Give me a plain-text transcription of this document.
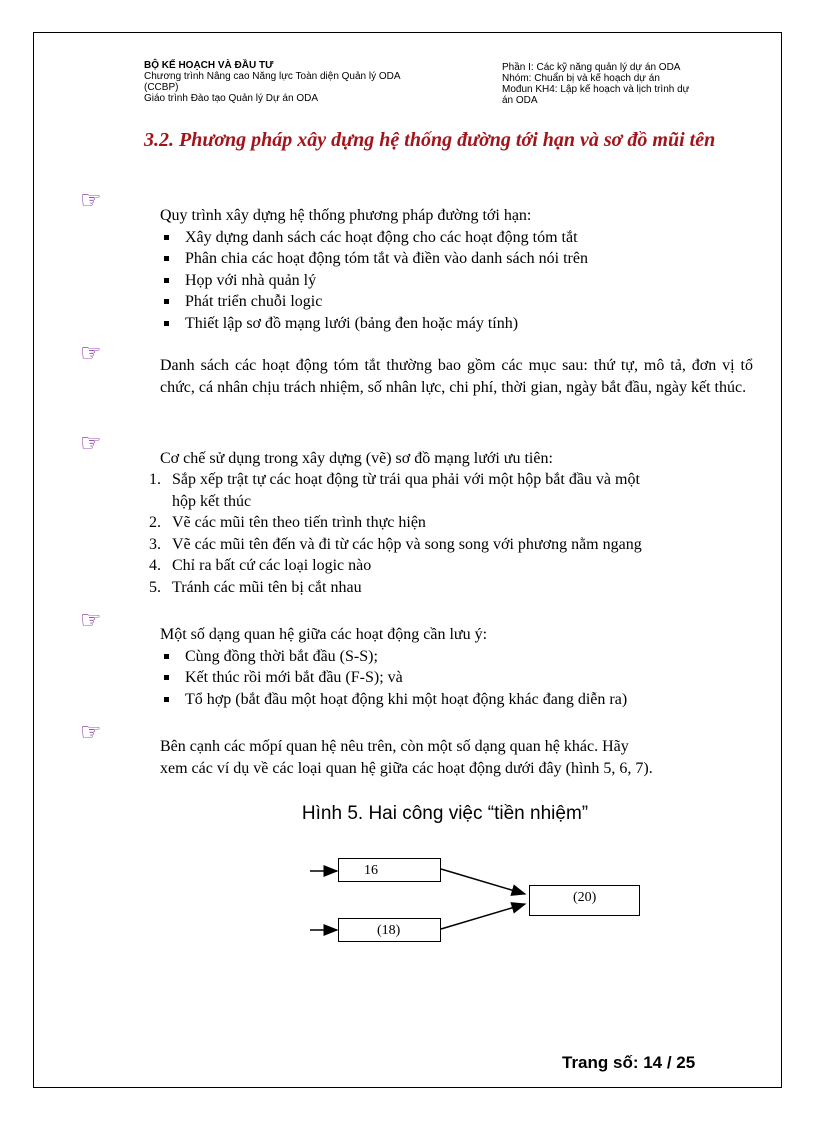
BỘ KẾ HOẠCH VÀ ĐẦU TƯ
Chương trình Nâng cao Năng lực Toàn diện Quản lý ODA
(CCBP)
Giáo trình Đào tạo Quản lý Dự án ODA
Phần I: Các kỹ năng quản lý dự án ODA
Nhóm: Chuẩn bị và kế hoạch dự án
Mođun KH4: Lập kế hoạch và lịch trình dự
án ODA
3.2. Phương pháp xây dựng hệ thống đường tới hạn và sơ đồ mũi tên
☞

Quy trình xây dựng hệ thống phương pháp đường tới hạn:

Xây dựng danh sách các hoạt động cho các hoạt động tóm tắt
Phân chia các hoạt động tóm tắt và điền vào danh sách nói trên
Họp với nhà quản lý
Phát triển chuỗi logic
Thiết lập sơ đồ mạng lưới (bảng đen hoặc máy tính)
☞	Danh sách các hoạt động tóm tắt thường bao gồm các mục sau: thứ tự, mô tả, đơn vị tổ chức, cá nhân chịu trách nhiệm, số nhân lực, chi phí, thời gian, ngày bắt đầu, ngày kết thúc.

☞

Cơ chế sử dụng trong xây dựng (vẽ) sơ đồ mạng lưới ưu tiên:

1. Sắp xếp trật tự các hoạt động từ trái qua phải với một hộp bắt đầu và một
hộp kết thúc
2. Vẽ các mũi tên theo tiến trình thực hiện
3. Vẽ các mũi tên đến và đi từ các hộp và song song với phương nằm ngang
4. Chỉ ra bất cứ các loại logic nào
5. Tránh các mũi tên bị cắt nhau
☞

Một số dạng quan hệ giữa các hoạt động cần lưu ý:

Cùng đồng thời bắt đầu (S-S);
Kết thúc rồi mới bắt đầu (F-S); và
Tổ hợp (bắt đầu một hoạt động khi một hoạt động khác đang diễn ra)
☞
Bên cạnh các mốpí quan hệ nêu trên, còn một số dạng quan hệ khác. Hãy
xem các ví dụ về các loại quan hệ giữa các hoạt động dưới đây (hình 5, 6, 7).
Hình 5. Hai công việc “tiền nhiệm”
16
(18)
(20)
Trang số: 14 / 25
